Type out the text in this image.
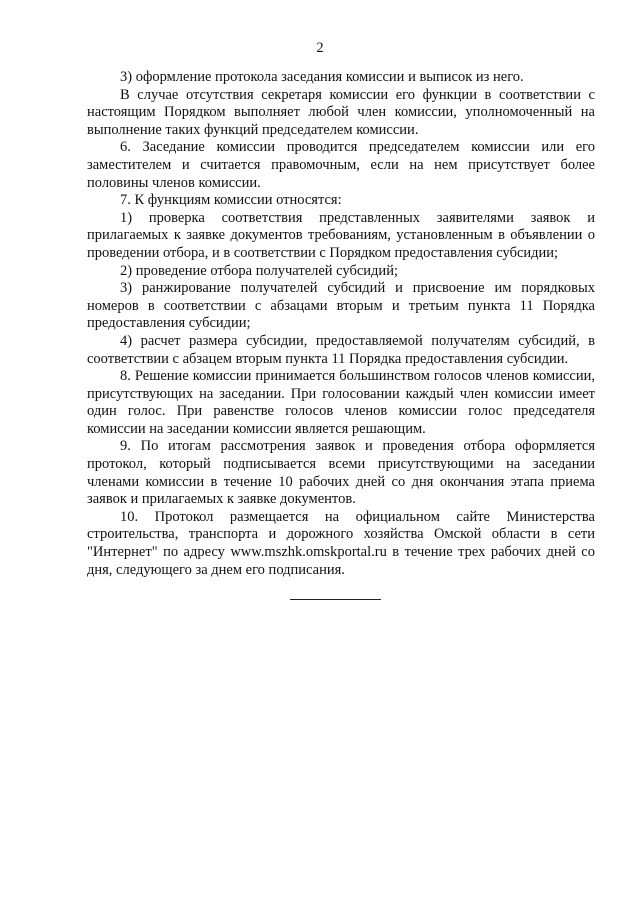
2

3) оформление протокола заседания комиссии и выписок из него.

В случае отсутствия секретаря комиссии его функции в соответствии с настоящим Порядком выполняет любой член комиссии, уполномоченный на выполнение таких функций председателем комиссии.

6. Заседание комиссии проводится председателем комиссии или его заместителем и считается правомочным, если на нем присутствует более половины членов комиссии.

7. К функциям комиссии относятся:

1) проверка соответствия представленных заявителями заявок и прилагаемых к заявке документов требованиям, установленным в объявлении о проведении отбора, и в соответствии с Порядком предоставления субсидии;

2) проведение отбора получателей субсидий;

3) ранжирование получателей субсидий и присвоение им порядковых номеров в соответствии с абзацами вторым и третьим пункта 11 Порядка предоставления субсидии;

4) расчет размера субсидии, предоставляемой получателям субсидий, в соответствии с абзацем вторым пункта 11 Порядка предоставления субсидии.

8. Решение комиссии принимается большинством голосов членов комиссии, присутствующих на заседании. При голосовании каждый член комиссии имеет один голос. При равенстве голосов членов комиссии голос председателя комиссии на заседании комиссии является решающим.

9. По итогам рассмотрения заявок и проведения отбора оформляется протокол, который подписывается всеми присутствующими на заседании членами комиссии в течение 10 рабочих дней со дня окончания этапа приема заявок и прилагаемых к заявке документов.

10. Протокол размещается на официальном сайте Министерства строительства, транспорта и дорожного хозяйства Омской области в сети "Интернет" по адресу www.mszhk.omskportal.ru в течение трех рабочих дней со дня, следующего за днем его подписания.
